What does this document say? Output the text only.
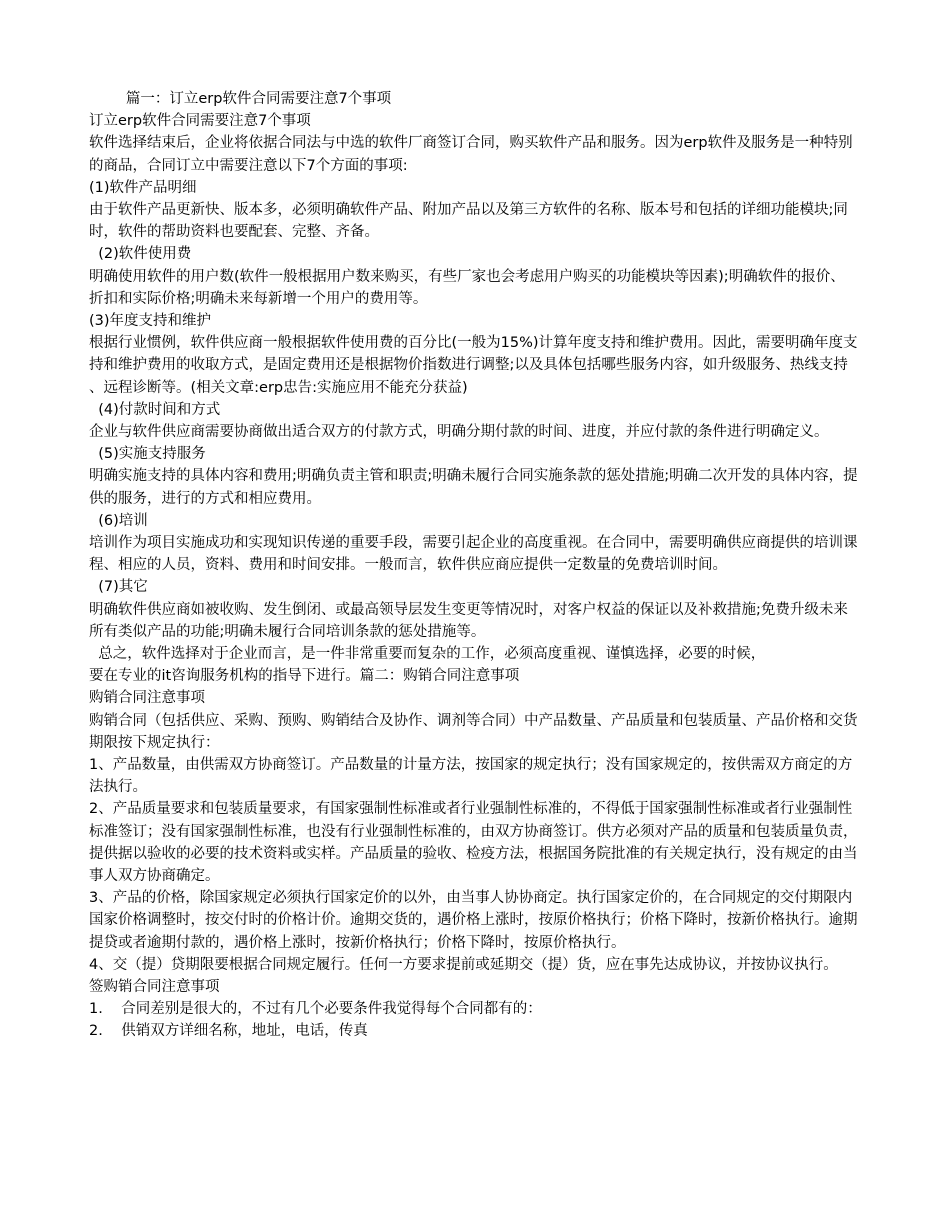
篇一：订立erp软件合同需要注意7个事项
订立erp软件合同需要注意7个事项
软件选择结束后，企业将依据合同法与中选的软件厂商签订合同，购买软件产品和服务。因为erp软件及服务是一种特别的商品，合同订立中需要注意以下7个方面的事项:
(1)软件产品明细
由于软件产品更新快、版本多，必须明确软件产品、附加产品以及第三方软件的名称、版本号和包括的详细功能模块;同时，软件的帮助资料也要配套、完整、齐备。
(2)软件使用费
明确使用软件的用户数(软件一般根据用户数来购买，有些厂家也会考虑用户购买的功能模块等因素);明确软件的报价、折扣和实际价格;明确未来每新增一个用户的费用等。
(3)年度支持和维护
根据行业惯例，软件供应商一般根据软件使用费的百分比(一般为15%)计算年度支持和维护费用。因此，需要明确年度支持和维护费用的收取方式，是固定费用还是根据物价指数进行调整;以及具体包括哪些服务内容，如升级服务、热线支持、远程诊断等。(相关文章:erp忠告:实施应用不能充分获益)
(4)付款时间和方式
企业与软件供应商需要协商做出适合双方的付款方式，明确分期付款的时间、进度，并应付款的条件进行明确定义。
(5)实施支持服务
明确实施支持的具体内容和费用;明确负责主管和职责;明确未履行合同实施条款的惩处措施;明确二次开发的具体内容，提供的服务，进行的方式和相应费用。
(6)培训
培训作为项目实施成功和实现知识传递的重要手段，需要引起企业的高度重视。在合同中，需要明确供应商提供的培训课程、相应的人员，资料、费用和时间安排。一般而言，软件供应商应提供一定数量的免费培训时间。
(7)其它
明确软件供应商如被收购、发生倒闭、或最高领导层发生变更等情况时，对客户权益的保证以及补救措施;免费升级未来所有类似产品的功能;明确未履行合同培训条款的惩处措施等。
总之，软件选择对于企业而言，是一件非常重要而复杂的工作，必须高度重视、谨慎选择，必要的时候，
要在专业的it咨询服务机构的指导下进行。篇二：购销合同注意事项
购销合同注意事项
购销合同（包括供应、采购、预购、购销结合及协作、调剂等合同）中产品数量、产品质量和包装质量、产品价格和交货期限按下规定执行：
1、产品数量，由供需双方协商签订。产品数量的计量方法，按国家的规定执行；没有国家规定的，按供需双方商定的方法执行。
2、产品质量要求和包装质量要求，有国家强制性标准或者行业强制性标准的，不得低于国家强制性标准或者行业强制性标准签订；没有国家强制性标准，也没有行业强制性标准的，由双方协商签订。供方必须对产品的质量和包装质量负责，提供据以验收的必要的技术资料或实样。产品质量的验收、检疫方法，根据国务院批准的有关规定执行，没有规定的由当事人双方协商确定。
3、产品的价格，除国家规定必须执行国家定价的以外，由当事人协协商定。执行国家定价的，在合同规定的交付期限内国家价格调整时，按交付时的价格计价。逾期交货的，遇价格上涨时，按原价格执行；价格下降时，按新价格执行。逾期提贷或者逾期付款的，遇价格上涨时，按新价格执行；价格下降时，按原价格执行。
4、交（提）贷期限要根据合同规定履行。任何一方要求提前或延期交（提）货，应在事先达成协议，并按协议执行。
签购销合同注意事项
1.    合同差别是很大的，不过有几个必要条件我觉得每个合同都有的：
2.    供销双方详细名称，地址，电话，传真
